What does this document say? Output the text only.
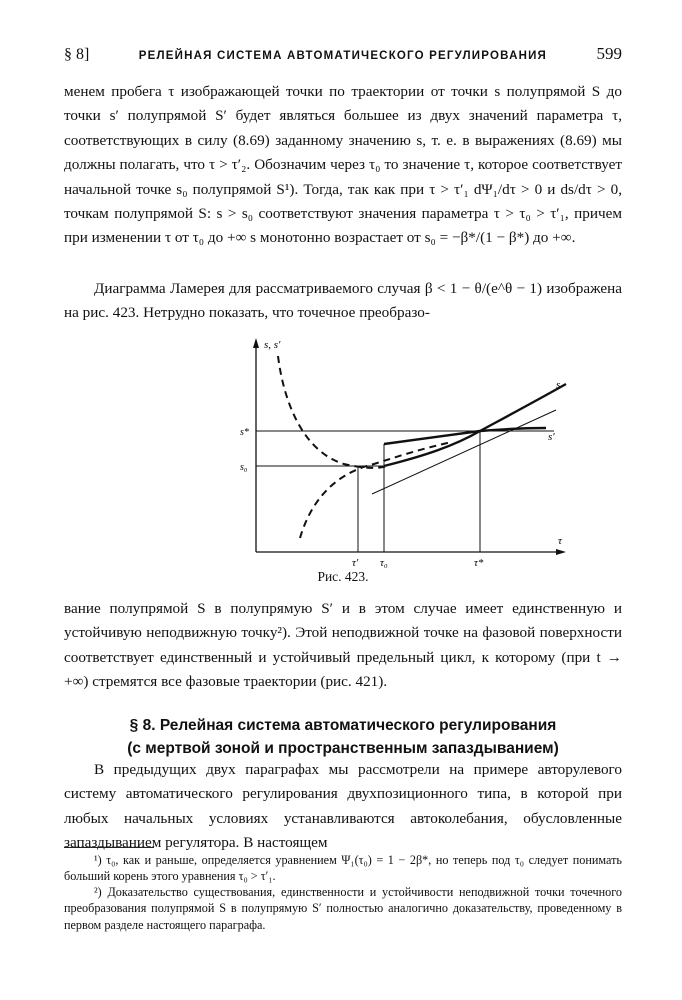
§ 8]	РЕЛЕЙНАЯ СИСТЕМА АВТОМАТИЧЕСКОГО РЕГУЛИРОВАНИЯ	599

менем пробега τ изображающей точки по траектории от точки s полупрямой S до точки s′ полупрямой S′ будет являться большее из двух значений параметра τ, соответствующих в силу (8.69) заданному значению s, т. е. в выражениях (8.69) мы должны полагать, что τ > τ′₂. Обозначим через τ₀ то значение τ, которое соответствует начальной точке s₀ полупрямой S¹). Тогда, так как при τ > τ′₁ dΨ₁/dτ > 0 и ds/dτ > 0, точкам полупрямой S: s > s₀ соответствуют значения параметра τ > τ₀ > τ′₁, причем при изменении τ от τ₀ до +∞ s монотонно возрастает от s₀ = −β*/(1 − β*) до +∞.

Диаграмма Ламерея для рассматриваемого случая β < 1 − θ/(e^θ − 1) изображена на рис. 423. Нетрудно показать, что точечное преобразо-

s, s′
τ
s*
s₀
τ′ τ₀	τ*
s
s′
Рис. 423.

вание полупрямой S в полупрямую S′ и в этом случае имеет единственную и устойчивую неподвижную точку²). Этой неподвижной точке на фазовой поверхности соответствует единственный и устойчивый предельный цикл, к которому (при t → +∞) стремятся все фазовые траектории (рис. 421).

§ 8. Релейная система автоматического регулирования
(с мертвой зоной и пространственным запаздыванием)

В предыдущих двух параграфах мы рассмотрели на примере авторулевого систему автоматического регулирования двухпозиционного типа, в которой при любых начальных условиях устанавливаются автоколебания, обусловленные запаздыванием регулятора. В настоящем

¹) τ₀, как и раньше, определяется уравнением Ψ₁(τ₀) = 1 − 2β*, но теперь под τ₀ следует понимать больший корень этого уравнения τ₀ > τ′₁.

²) Доказательство существования, единственности и устойчивости неподвижной точки точечного преобразования полупрямой S в полупрямую S′ полностью аналогично доказательству, проведенному в первом разделе настоящего параграфа.
